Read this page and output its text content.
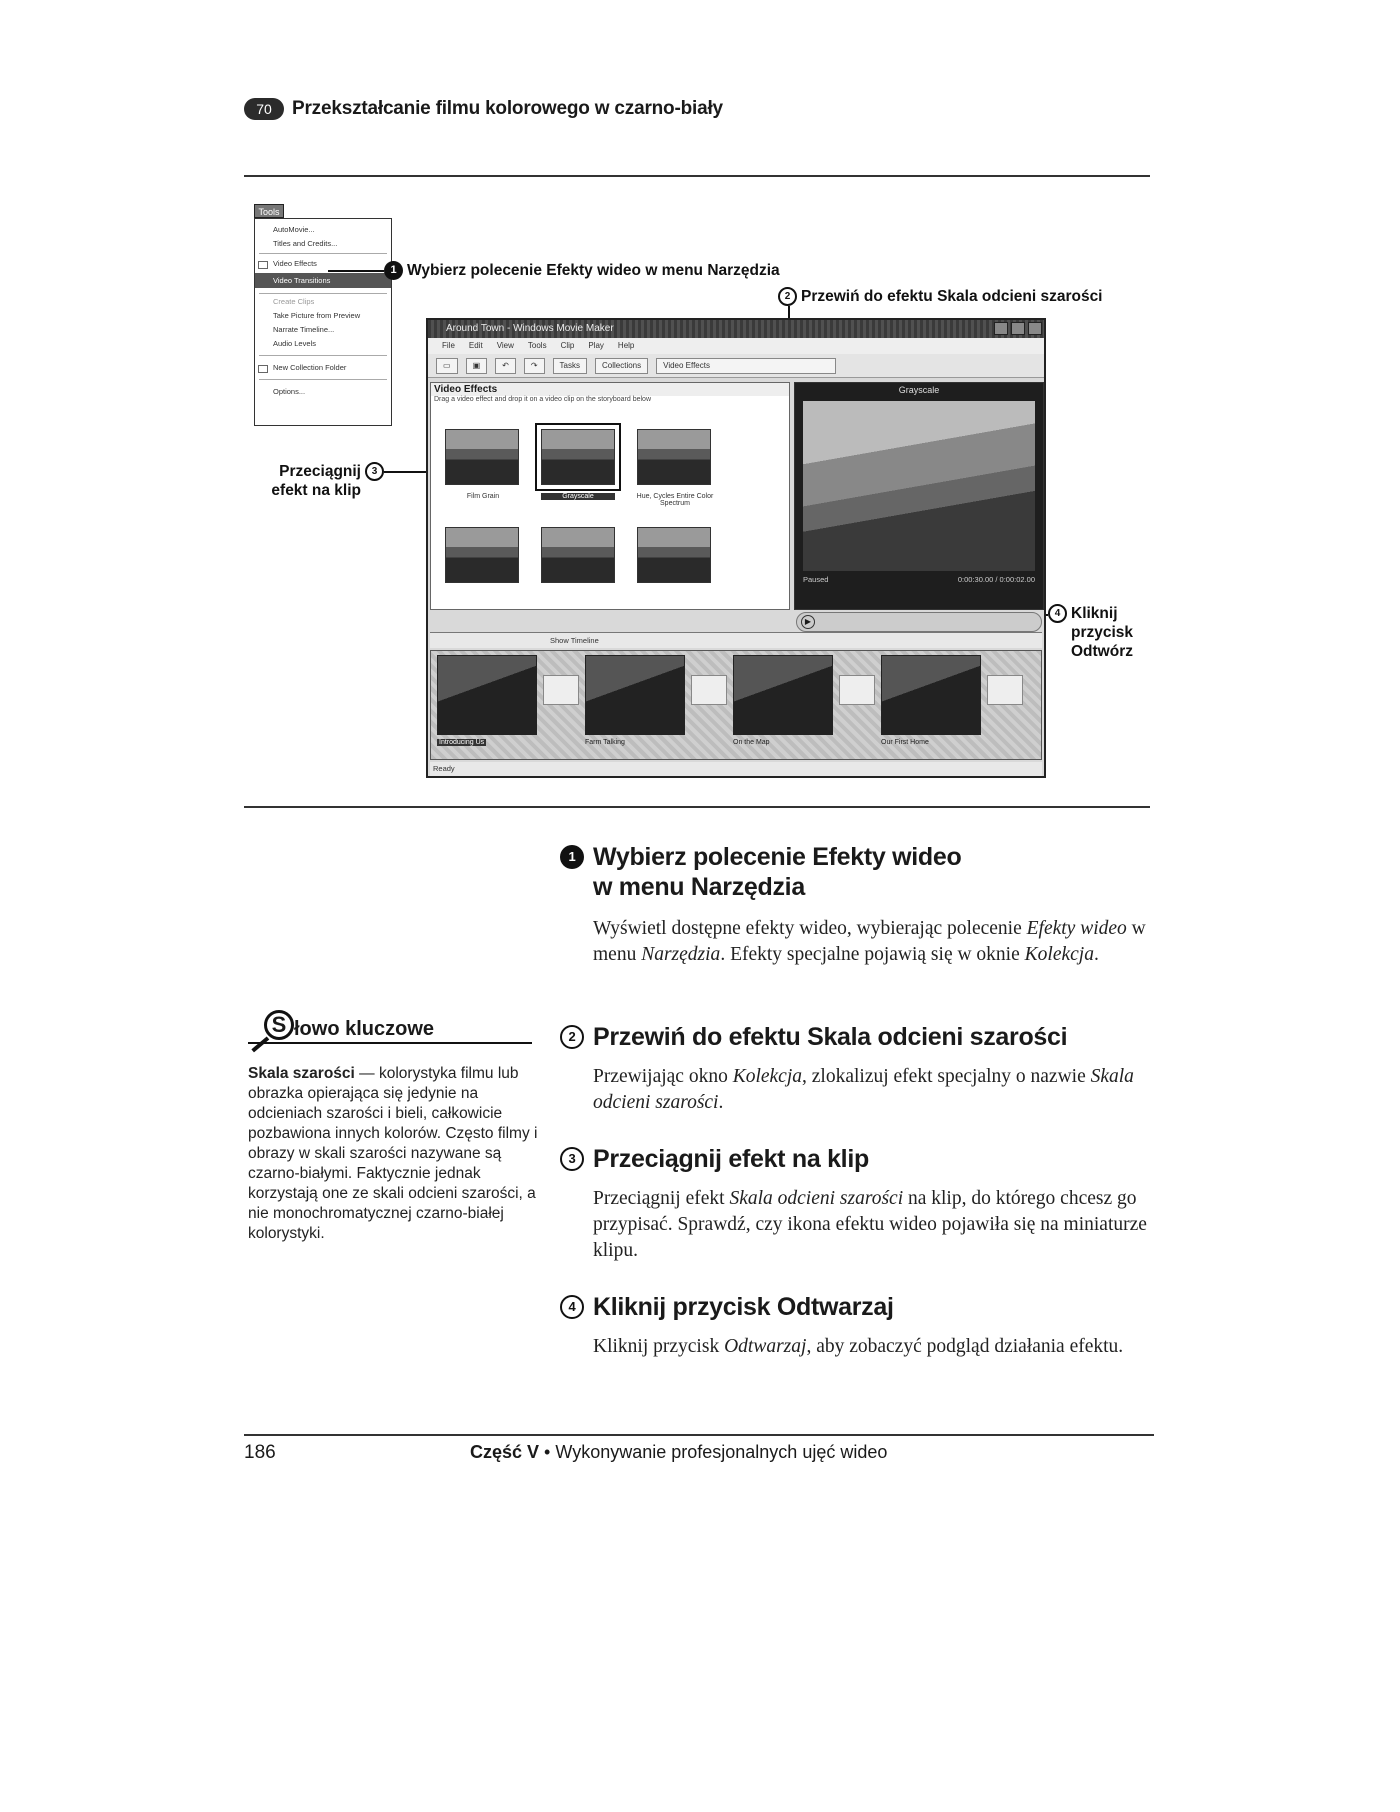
70	Przekształcanie filmu kolorowego w czarno-biały
Tools
AutoMovie...
Titles and Credits...
Video Effects
Video Transitions
Create Clips
Take Picture from Preview
Narrate Timeline...
Audio Levels
New Collection Folder
Options...
1 Wybierz polecenie Efekty wideo w menu Narzędzia
2 Przewiń do efektu Skala odcieni szarości
Przeciągnij	3
efekt na klip
4 Kliknij
przycisk
Odtwórz
Around Town - Windows Movie Maker
File Edit View Tools Clip Play Help
▭	▣	↶	↷	Tasks	Collections	Video Effects
Video Effects
Drag a video effect and drop it on a video clip on the storyboard below
Film Grain	Grayscale	Hue, Cycles Entire Color Spectrum
Grayscale
Paused	0:00:30.00 / 0:00:02.00
▶
Show Timeline
Introducing Us	Farm Talking	On the Map	Our First Home
Ready
1 Wybierz polecenie Efekty wideo
w menu Narzędzia
Wyświetl dostępne efekty wideo, wybierając polecenie Efekty wideo w menu Narzędzia. Efekty specjalne pojawią się w oknie Kolekcja.
2 Przewiń do efektu Skala odcieni szarości
Przewijając okno Kolekcja, zlokalizuj efekt specjalny o nazwie Skala odcieni szarości.
3 Przeciągnij efekt na klip
Przeciągnij efekt Skala odcieni szarości na klip, do którego chcesz go przypisać. Sprawdź, czy ikona efektu wideo pojawiła się na miniaturze klipu.
4 Kliknij przycisk Odtwarzaj
Kliknij przycisk Odtwarzaj, aby zobaczyć podgląd działania efektu.
S łowo kluczowe
Skala szarości — kolorystyka filmu lub obrazka opierająca się jedynie na odcieniach szarości i bieli, całkowicie pozbawiona innych kolorów. Często filmy i obrazy w skali szarości nazywane są czarno-białymi. Faktycznie jednak korzystają one ze skali odcieni szarości, a nie monochromatycznej czarno-białej kolorystyki.
186	Część V • Wykonywanie profesjonalnych ujęć wideo
